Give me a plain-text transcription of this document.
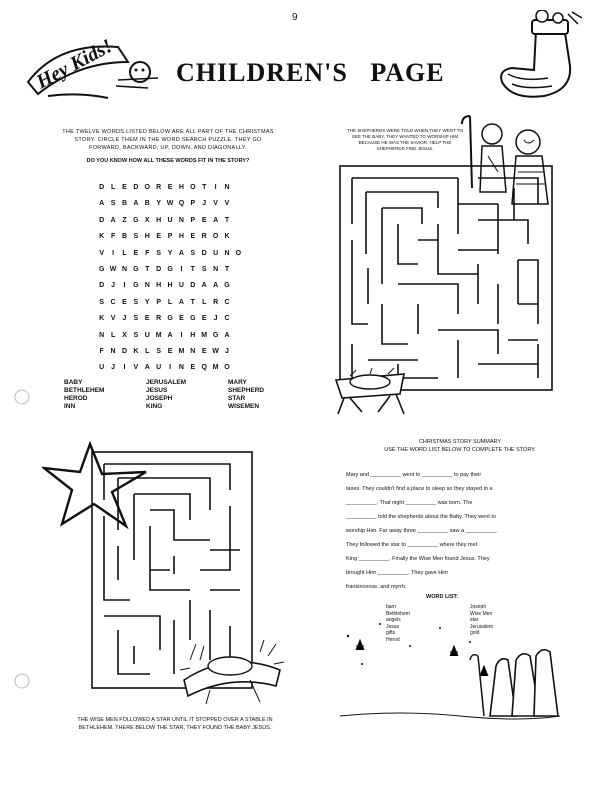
9
Hey Kids! CHILDREN'S   PAGE
THE TWELVE WORDS LISTED BELOW ARE ALL PART OF THE CHRISTMAS STORY. CIRCLE THEM IN THE WORD SEARCH PUZZLE. THEY GO FORWARD, BACKWARD, UP, DOWN, AND DIAGONALLY.
DO YOU KNOW HOW ALL THESE WORDS FIT IN THE STORY?
D L E D O R E H O T	I	N
A S B A B Y W Q P	J	V V
D A Z G X H U N P E A T
K F B S H E P H E R O K
V	I	L E F S Y A S D U N O
G W N G T D G	I	T S N T
D J	I	G N H H U D A A G
S C E S Y P L A T	L R C
K V	J	S E R G E G E	J C
N L X S U M A	I	H M G A
F N D K L S E M N E W J
U J	I	V A U	I	N E Q M O
BABY
BETHLEHEM
HEROD
INN
JERUSALEM
JESUS
JOSEPH
KING
MARY
SHEPHERD
STAR
WISEMEN
THE SHEPHERDS WERE TOLD WHEN THEY WENT TO SEE THE BABY, THEY WANTED TO WORSHIP HIM BECAUSE HE WAS THE SAVIOR. HELP THE SHEPHERDS FIND JESUS.
CHRISTMAS STORY SUMMARY
USE THE WORD LIST BELOW TO COMPLETE THE STORY.
Mary and __________ went to __________ to pay their
taxes. They couldn't find a place to sleep so they stayed in a
__________. That night __________ was born. The
__________ told the shepherds about the Baby. They went to
worship Him. Far away three __________ saw a __________.
They followed the star to __________ where they met
King __________. Finally the Wise Men found Jesus. They
brought Him __________. They gave Him
frankincense, and myrrh.
WORD LIST:
barn
Bethlehem
angels
Jesus
gifts
Herod
Joseph
Wise Men
star
Jerusalem
gold
THE WISE MEN FOLLOWED A STAR UNTIL IT STOPPED OVER A STABLE IN BETHLEHEM. THERE BELOW THE STAR, THEY FOUND THE BABY JESUS.
